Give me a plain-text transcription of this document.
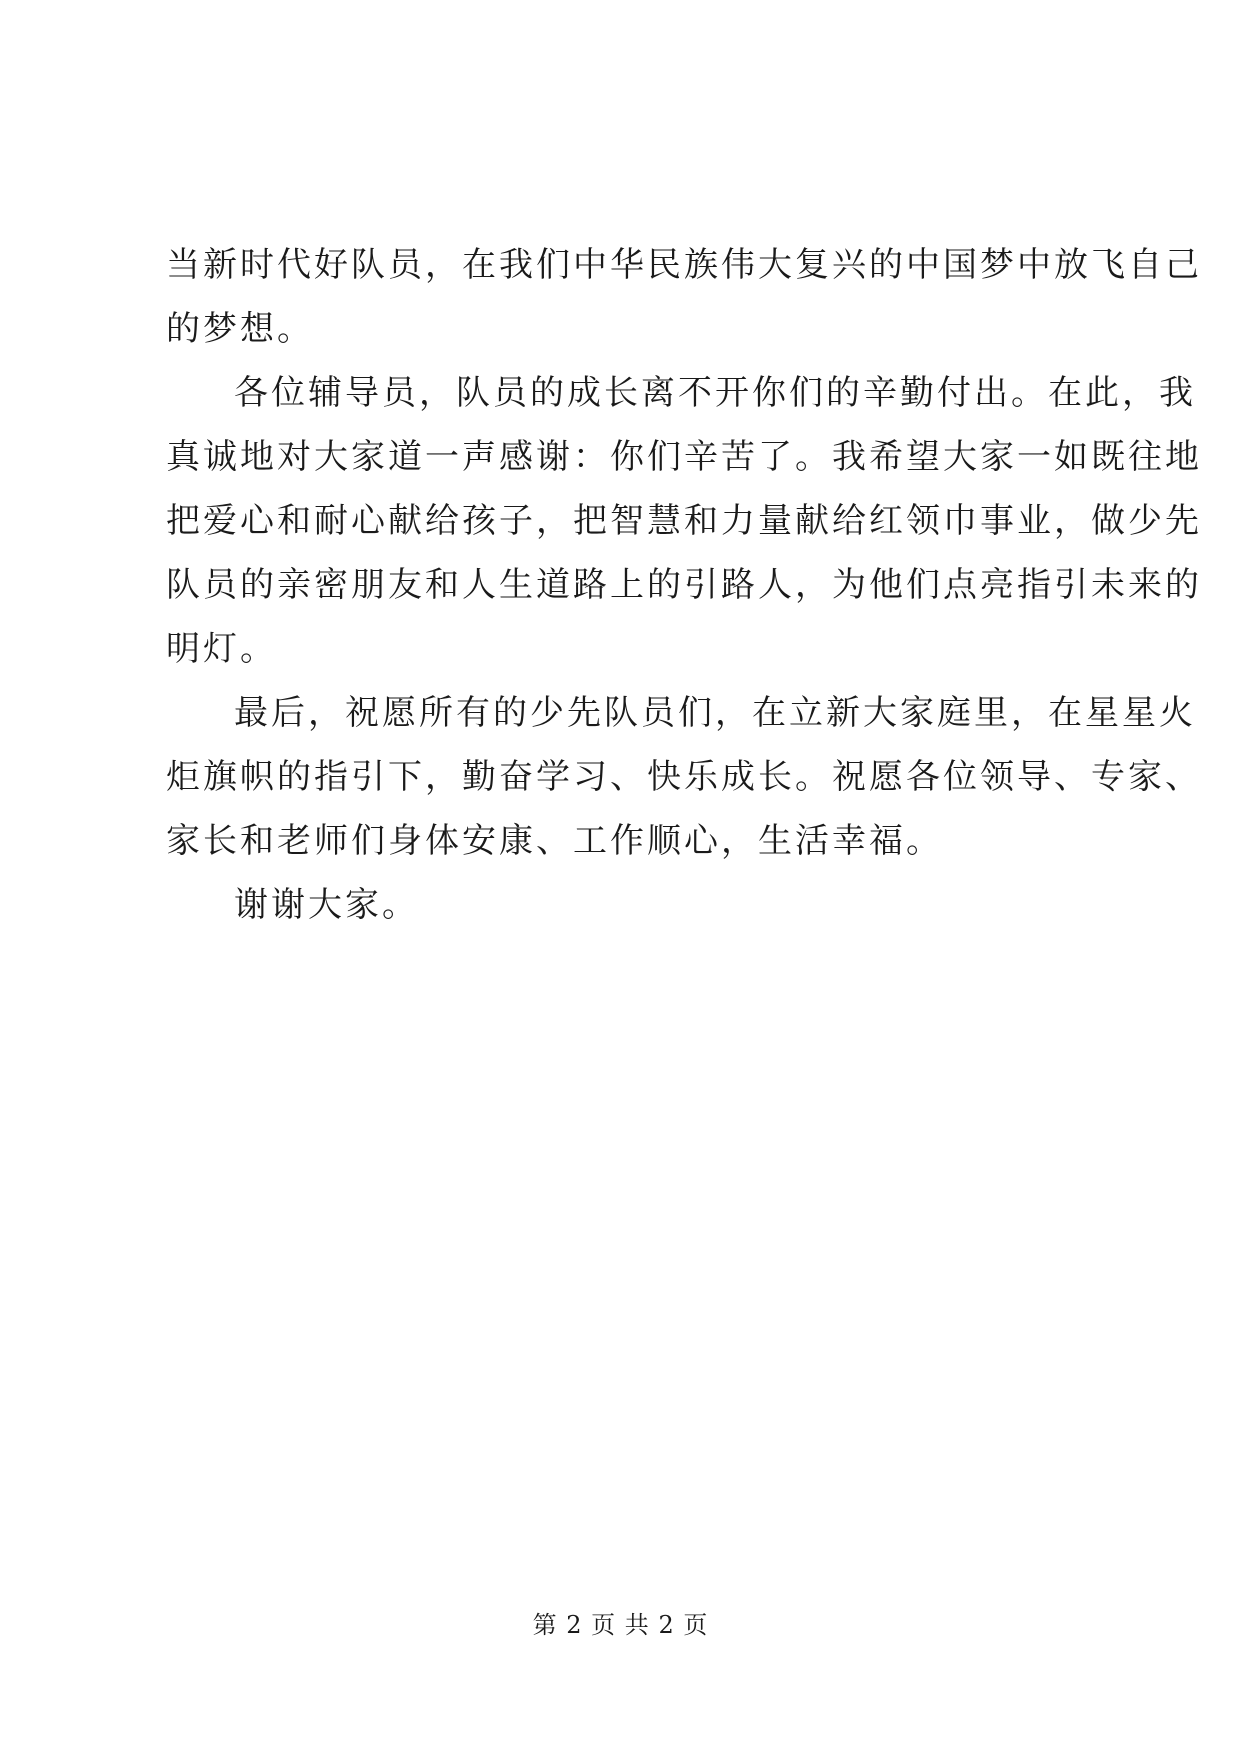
当新时代好队员，在我们中华民族伟大复兴的中国梦中放飞自己
的梦想。
各位辅导员，队员的成长离不开你们的辛勤付出。在此，我
真诚地对大家道一声感谢：你们辛苦了。我希望大家一如既往地
把爱心和耐心献给孩子，把智慧和力量献给红领巾事业，做少先
队员的亲密朋友和人生道路上的引路人，为他们点亮指引未来的
明灯。
最后，祝愿所有的少先队员们，在立新大家庭里，在星星火
炬旗帜的指引下，勤奋学习、快乐成长。祝愿各位领导、专家、
家长和老师们身体安康、工作顺心，生活幸福。
谢谢大家。
第 2 页 共 2 页
